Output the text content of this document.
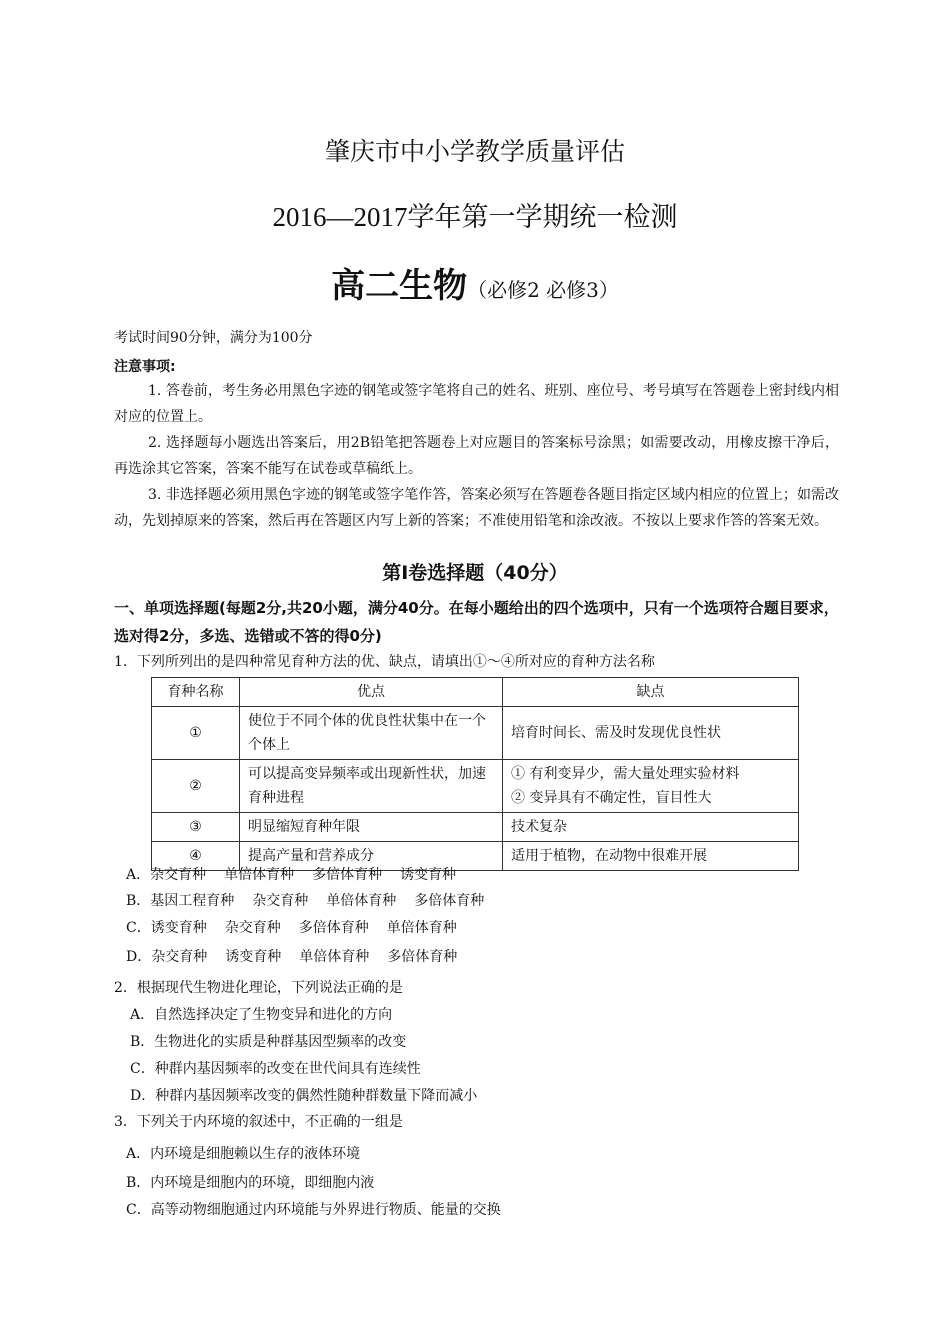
肇庆市中小学教学质量评估
2016—2017学年第一学期统一检测
高二生物（必修2 必修3）
考试时间90分钟，满分为100分
注意事项:

1. 答卷前，考生务必用黑色字迹的钢笔或签字笔将自己的姓名、班别、座位号、考号填写在答题卷上密封线内相对应的位置上。

2. 选择题每小题选出答案后，用2B铅笔把答题卷上对应题目的答案标号涂黑；如需要改动，用橡皮擦干净后，再选涂其它答案，答案不能写在试卷或草稿纸上。

3. 非选择题必须用黑色字迹的钢笔或签字笔作答，答案必须写在答题卷各题目指定区域内相应的位置上；如需改动，先划掉原来的答案，然后再在答题区内写上新的答案；不准使用铅笔和涂改液。不按以上要求作答的答案无效。

第Ⅰ卷选择题（40分）
一、单项选择题(每题2分,共20小题，满分40分。在每小题给出的四个选项中，只有一个选项符合题目要求，选对得2分，多选、选错或不答的得0分)
1．下列所列出的是四种常见育种方法的优、缺点，请填出①～④所对应的育种方法名称
育种名称	优点	缺点
①	使位于不同个体的优良性状集中在一个个体上	培育时间长、需及时发现优良性状
②	可以提高变异频率或出现新性状，加速育种进程	① 有利变异少，需大量处理实验材料
② 变异具有不确定性，盲目性大

③	明显缩短育种年限	技术复杂
④	提高产量和营养成分	适用于植物，在动物中很难开展
A．杂交育种 单倍体育种 多倍体育种 诱变育种
B．基因工程育种 杂交育种 单倍体育种 多倍体育种
C．诱变育种 杂交育种 多倍体育种 单倍体育种
D．杂交育种 诱变育种 单倍体育种 多倍体育种
2．根据现代生物进化理论，下列说法正确的是
A．自然选择决定了生物变异和进化的方向
B．生物进化的实质是种群基因型频率的改变
C．种群内基因频率的改变在世代间具有连续性
D．种群内基因频率改变的偶然性随种群数量下降而减小
3．下列关于内环境的叙述中，不正确的一组是
A．内环境是细胞赖以生存的液体环境
B．内环境是细胞内的环境，即细胞内液
C．高等动物细胞通过内环境能与外界进行物质、能量的交换
